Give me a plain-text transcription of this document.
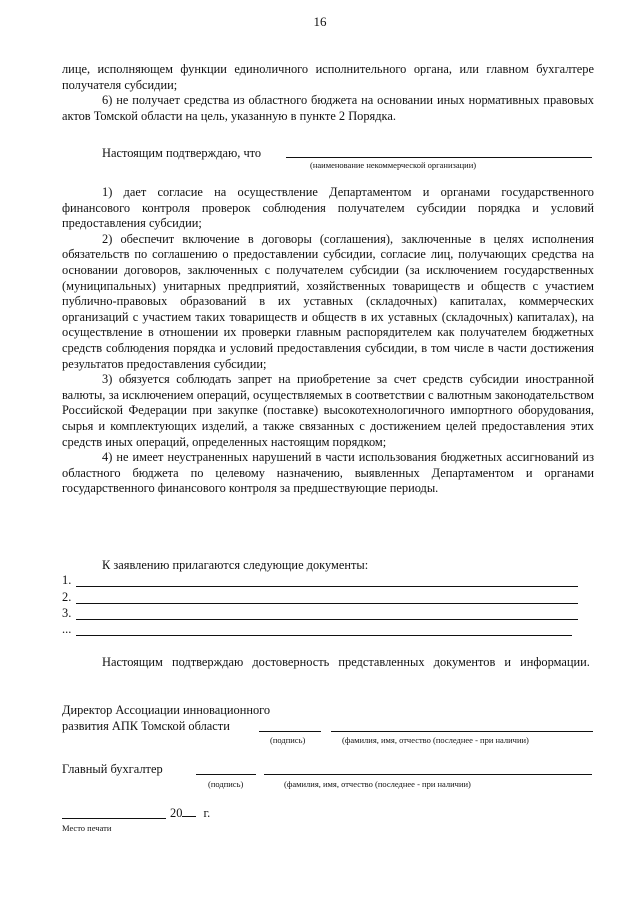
16
лице, исполняющем функции единоличного исполнительного органа, или главном бухгалтере получателя субсидии;
6) не получает средства из областного бюджета на основании иных нормативных правовых актов Томской области на цель, указанную в пункте 2 Порядка.
Настоящим подтверждаю, что
(наименование некоммерческой организации)
1) дает согласие на осуществление Департаментом и органами государственного финансового контроля проверок соблюдения получателем субсидии порядка и условий предоставления субсидии;
2) обеспечит включение в договоры (соглашения), заключенные в целях исполнения обязательств по соглашению о предоставлении субсидии, согласие лиц, получающих средства на основании договоров, заключенных с получателем субсидии (за исключением государственных (муниципальных) унитарных предприятий, хозяйственных товариществ и обществ с участием публично-правовых образований в их уставных (складочных) капиталах, коммерческих организаций с участием таких товариществ и обществ в их уставных (складочных) капиталах), на осуществление в отношении их проверки главным распорядителем как получателем бюджетных средств соблюдения порядка и условий предоставления субсидии, в том числе в части достижения результатов предоставления субсидии;
3) обязуется соблюдать запрет на приобретение за счет средств субсидии иностранной валюты, за исключением операций, осуществляемых в соответствии с валютным законодательством Российской Федерации при закупке (поставке) высокотехнологичного импортного оборудования, сырья и комплектующих изделий, а также связанных с достижением целей предоставления этих средств иных операций, определенных настоящим порядком;
4) не имеет неустраненных нарушений в части использования бюджетных ассигнований из областного бюджета по целевому назначению, выявленных Департаментом и органами государственного финансового контроля за предшествующие периоды.
К заявлению прилагаются следующие документы:
1.
2.
3.
...
Настоящим подтверждаю достоверность представленных документов и информации.
Директор Ассоциации инновационного
развития АПК Томской области
(подпись)	(фамилия, имя, отчество (последнее - при наличии)
Главный бухгалтер
(подпись)	(фамилия, имя, отчество (последнее - при наличии)
20 г.
Место печати
